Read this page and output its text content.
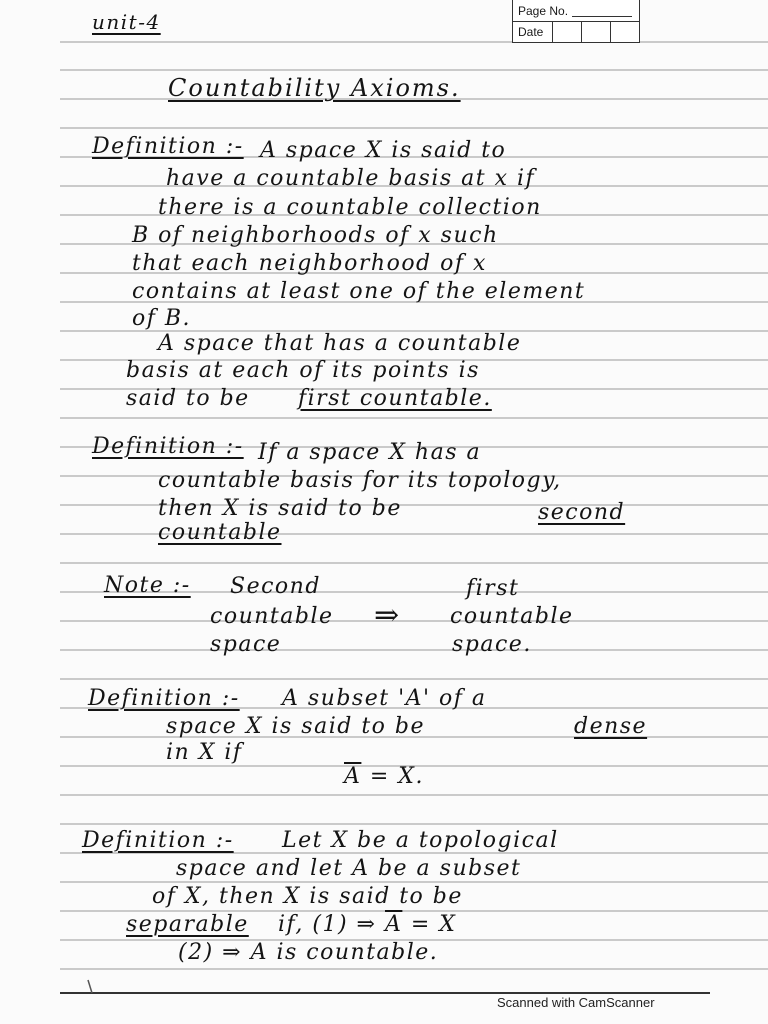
Page No.
Date
unit-4
Countability Axioms.
Definition :- A space X is said to
have a countable basis at x if
there is a countable collection
B of neighborhoods of x such
that each neighborhood of x
contains at least one of the element
of B.
A space that has a countable
basis at each of its points is
said to be first countable.
Definition :- If a space X has a
countable basis for its topology,
then X is said to be	second
countable
Note :- Second
countable
space
⇒
first
countable
space.
Definition :- A subset 'A' of a
space X is said to be	dense
in X if
$\overline{A} = X$.
Definition :- Let X be a topological
space and let A be a subset
of X, then X is said to be
separable if, (1) ⇒ $\overline{A} = X$
(2) ⇒ A is countable.
Scanned with CamScanner
